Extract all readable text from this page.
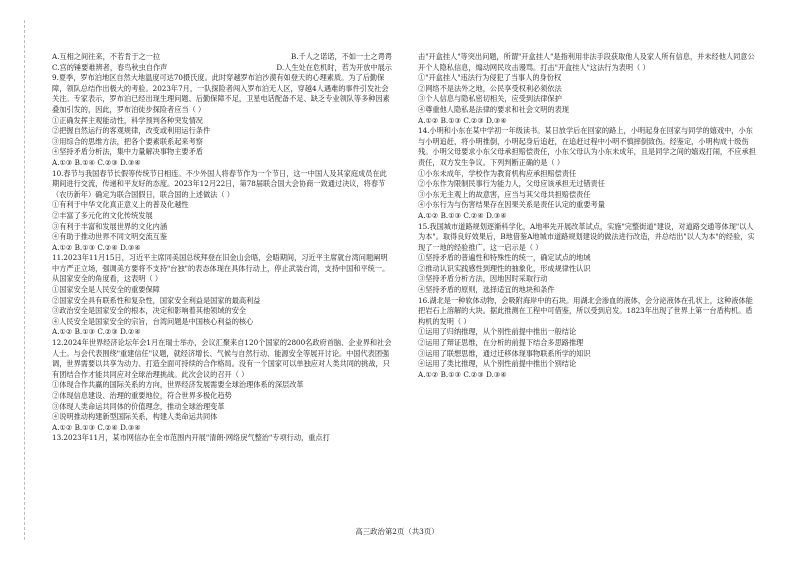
A.互相之间往来，不若肯于之一拉	B.千人之诺诺，不如一士之谔谔
C.宫的锤要难辨者，春鸟秋虫自作声	D.人生处在危机时，若为开放中展示
9.夏季，罗布泊地区自然大地温度可达70摄氏度。此时穿越罗布泊沙漠有如登天的心理素质。为了后勤保障，领队总结作出极大的考验。2023年7月，一队探险者闯入罗布泊无人区，穿越4人遇难的事件引发社会关注。专家表示，罗布泊已经出现生理问题、后勤保障不足，卫星电话配备不足、缺乏专业领队等多种因素叠加引发的，因此，罗布泊徒步探险者应当（ ）
①正确发挥主观能动性，科学预判各种突发情况
②把握自然运行的客观规律，改变或利用运行条件
③用综合的思维方法，把各个要素联系起来考察
④坚持矛盾分析法，集中力量解决事物主要矛盾
A.①③ B.①④ C.②③ D.③④
10.春节与我国春节长假等传统节日相连。不少外国人将春节作为一个节日，这一中国人及其家庭成员在此期间进行交流，传递和平友好的态度。2023年12月22日，第78届联合国大会协商一致通过决议，将春节（农历新年）确定为联合国假日，联合国的上述做法（ ）
①有利于中华文化真正意义上的普及化越性
②丰富了多元化的文化传统发展
③有利于丰富和发展世界的文化内涵
④有助于推动世界不同文明交流互鉴
A.①② B.①③ C.②④ D.③④
11.2023年11月15日，习近平主席同美国总统拜登在旧金山会晤，会晤期间，习近平主席就台湾问题阐明中方严正立场，强调美方要将不支持"台独"的表态体现在具体行动上，停止武装台湾，支持中国和平统一。从国家安全的角度看，这表明（ ）
①国家安全是人民安全的重要保障
②国家安全具有联系性和复杂性，国家安全利益是国家的最高利益
③政治安全是国家安全的根本，决定和影响着其他领域的安全
④人民安全是国家安全的宗旨，台湾问题是中国核心利益的核心
A.①② B.①③ C.②③ D.②④
12.2024年世界经济论坛年会1月在瑞士举办，会议汇聚来自120个国家的2800名政府首脑、企业界和社会人士。与会代表围绕"重建信任"议题，就经济增长、气候与自然行动、能源安全等展开讨论。中国代表团强调，世界需要以共享为动力、打造全面可持续的合作格局。没有一个国家可以单独应对人类共同的挑战，只有团结合作才能共同应对全球治理挑战。此次会议的召开（ ）
①体现合作共赢的国际关系的方向，世界经济发展需要全球治理体系的深层改革
②体现信息建设、治理的重要地位，符合世界多极化趋势
③体现人类命运共同体的价值理念，推动全球治理变革
④说明推动构建新型国际关系，构建人类命运共同体
A.①② B.①③ C.②④ D.③④
13.2023年11月，某市网信办在全市范围内开展"清朗·网络戾气整治"专项行动，重点打
击"开盒挂人"等突出问题，所谓"开盒挂人"是指利用非法手段获取他人及家人所有信息，并未经他人同意公开个人隐私信息，煽动网民攻击谩骂。打击"开盒挂人"这法行为表明（ ）
①"开盒挂人"违法行为侵犯了当事人的身份权
②网络不是法外之地，公民享受权利必须依法
③个人信息与隐私密切相关，应受到法律保护
④尊重他人隐私是法律的要求和社会文明的表现
A.①② B.①③ C.②③ D.③④
14.小明和小东在某中学初一年级读书。某日放学后在回家的路上，小明起身在回家与同学的嬉戏中，小东与小明追赶，将小明推倒，小明起身后追赶，在追赶过程中小明不慎摔倒致伤。经鉴定，小明构成十级伤残。小明父母要求小东父母承担赔偿责任，小东父母认为小东未成年，且是同学之间的嬉戏打闹，不应承担责任，双方发生争议。下列判断正确的是（ ）
①小东未成年，学校作为教育机构应承担赔偿责任
②小东作为限制民事行为能力人，父母应该承担无过错责任
③小东无主观上的故意害，应当与其父母共担赔偿责任
④小东行为与伤害结果存在因果关系是责任认定的重要考量
A.①② B.①③ C.②④ D.③④
15.我国城市道路规划逐渐科学化，A地率先开展改革试点，实施"完整街道"建设，对道路交通等体现"以人为本"。取得良好效果后，B地借鉴A地城市道路规划建设的做法进行改造，并总结出"以人为本"的经验，实现了一地的经验推广。这一启示是（ ）
①坚持矛盾的普遍性和特殊性的统一，确定试点的地域
②推动认识实践感性到理性的抽象化，形成规律性认识
③坚持矛盾分析方法，因地因时采取行动
④坚持矛盾的原则，选择适宜的地块和条件
16.湖北是一种软体动物，会吸附海岸中的石块。用湖北会渗血的液体，会分泌液体在孔状上，这种液体能把岩石上溶解的大块。据此推测在工程中可借鉴，所以受到启发。1823年出现了世界上第一台盾构机。盾构机的发明（ ）
①运用了归纳推理，从个别性前提中推出一般结论
②运用了辩证思维，在分析的前提下结合多思路推理
③运用了联想思维，通过迁移体现事物联系所学的知识
④运用了类比推理，从个别性前提中推出个别结论
A.①② B.①③ C.②③ D.③④
高三政治第2页（共3页）
